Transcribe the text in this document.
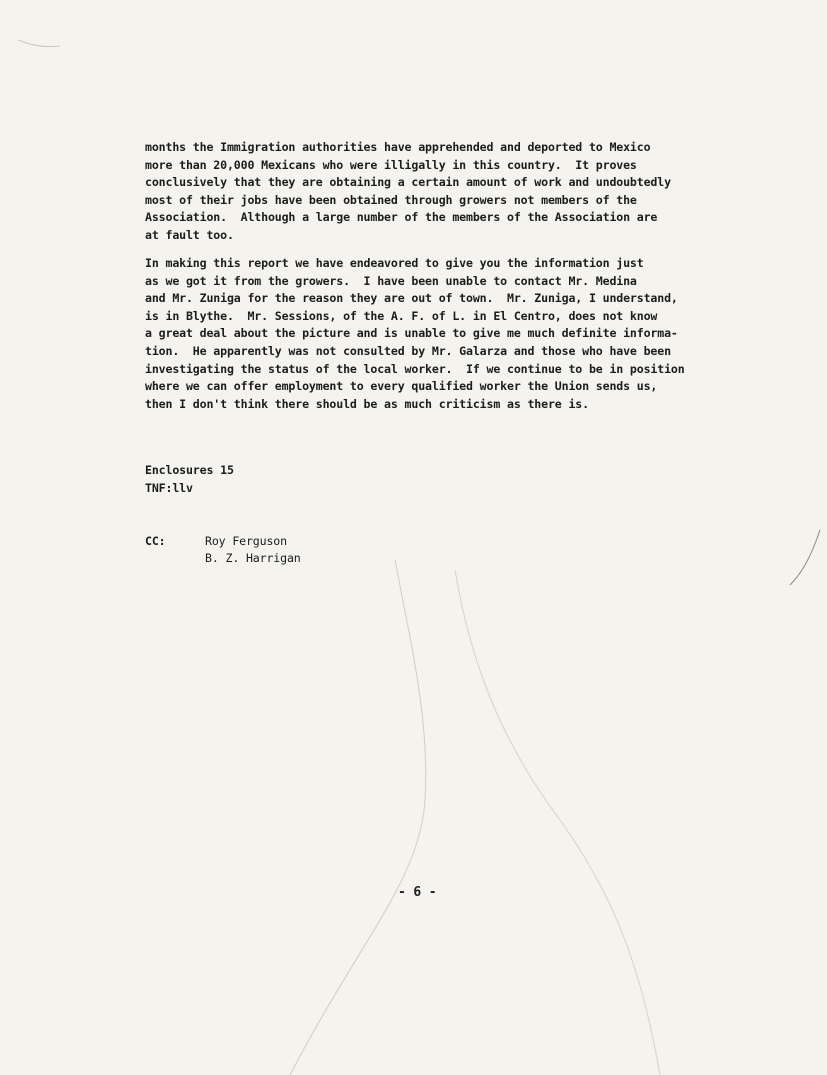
months the Immigration authorities have apprehended and deported to Mexico
more than 20,000 Mexicans who were illigally in this country.  It proves
conclusively that they are obtaining a certain amount of work and undoubtedly
most of their jobs have been obtained through growers not members of the
Association.  Although a large number of the members of the Association are
at fault too.
In making this report we have endeavored to give you the information just
as we got it from the growers.  I have been unable to contact Mr. Medina
and Mr. Zuniga for the reason they are out of town.  Mr. Zuniga, I understand,
is in Blythe.  Mr. Sessions, of the A. F. of L. in El Centro, does not know
a great deal about the picture and is unable to give me much definite informa-
tion.  He apparently was not consulted by Mr. Galarza and those who have been
investigating the status of the local worker.  If we continue to be in position
where we can offer employment to every qualified worker the Union sends us,
then I don't think there should be as much criticism as there is.
Enclosures 15
TNF:llv
CC:	Roy Ferguson
B. Z. Harrigan
- 6 -
